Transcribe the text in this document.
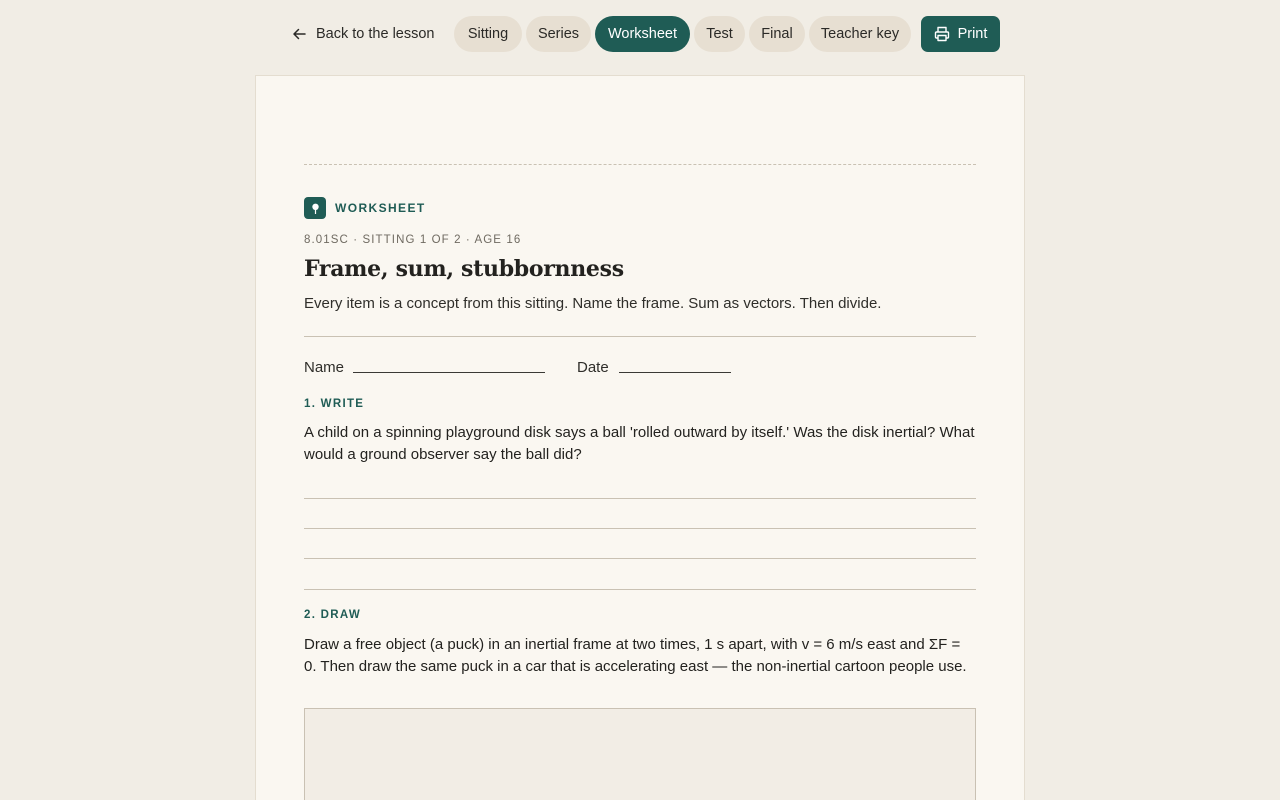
Back to the lesson Sitting Series Worksheet Test Final Teacher key	Print
WORKSHEET
8.01SC · SITTING 1 OF 2 · AGE 16
Frame, sum, stubbornness
Every item is a concept from this sitting. Name the frame. Sum as vectors. Then divide.
Name	Date
1. WRITE
A child on a spinning playground disk says a ball 'rolled outward by itself.' Was the disk inertial? What would a ground observer say the ball did?
2. DRAW
Draw a free object (a puck) in an inertial frame at two times, 1 s apart, with v = 6 m/s east and ΣF = 0. Then draw the same puck in a car that is accelerating east — the non-inertial cartoon people use.
